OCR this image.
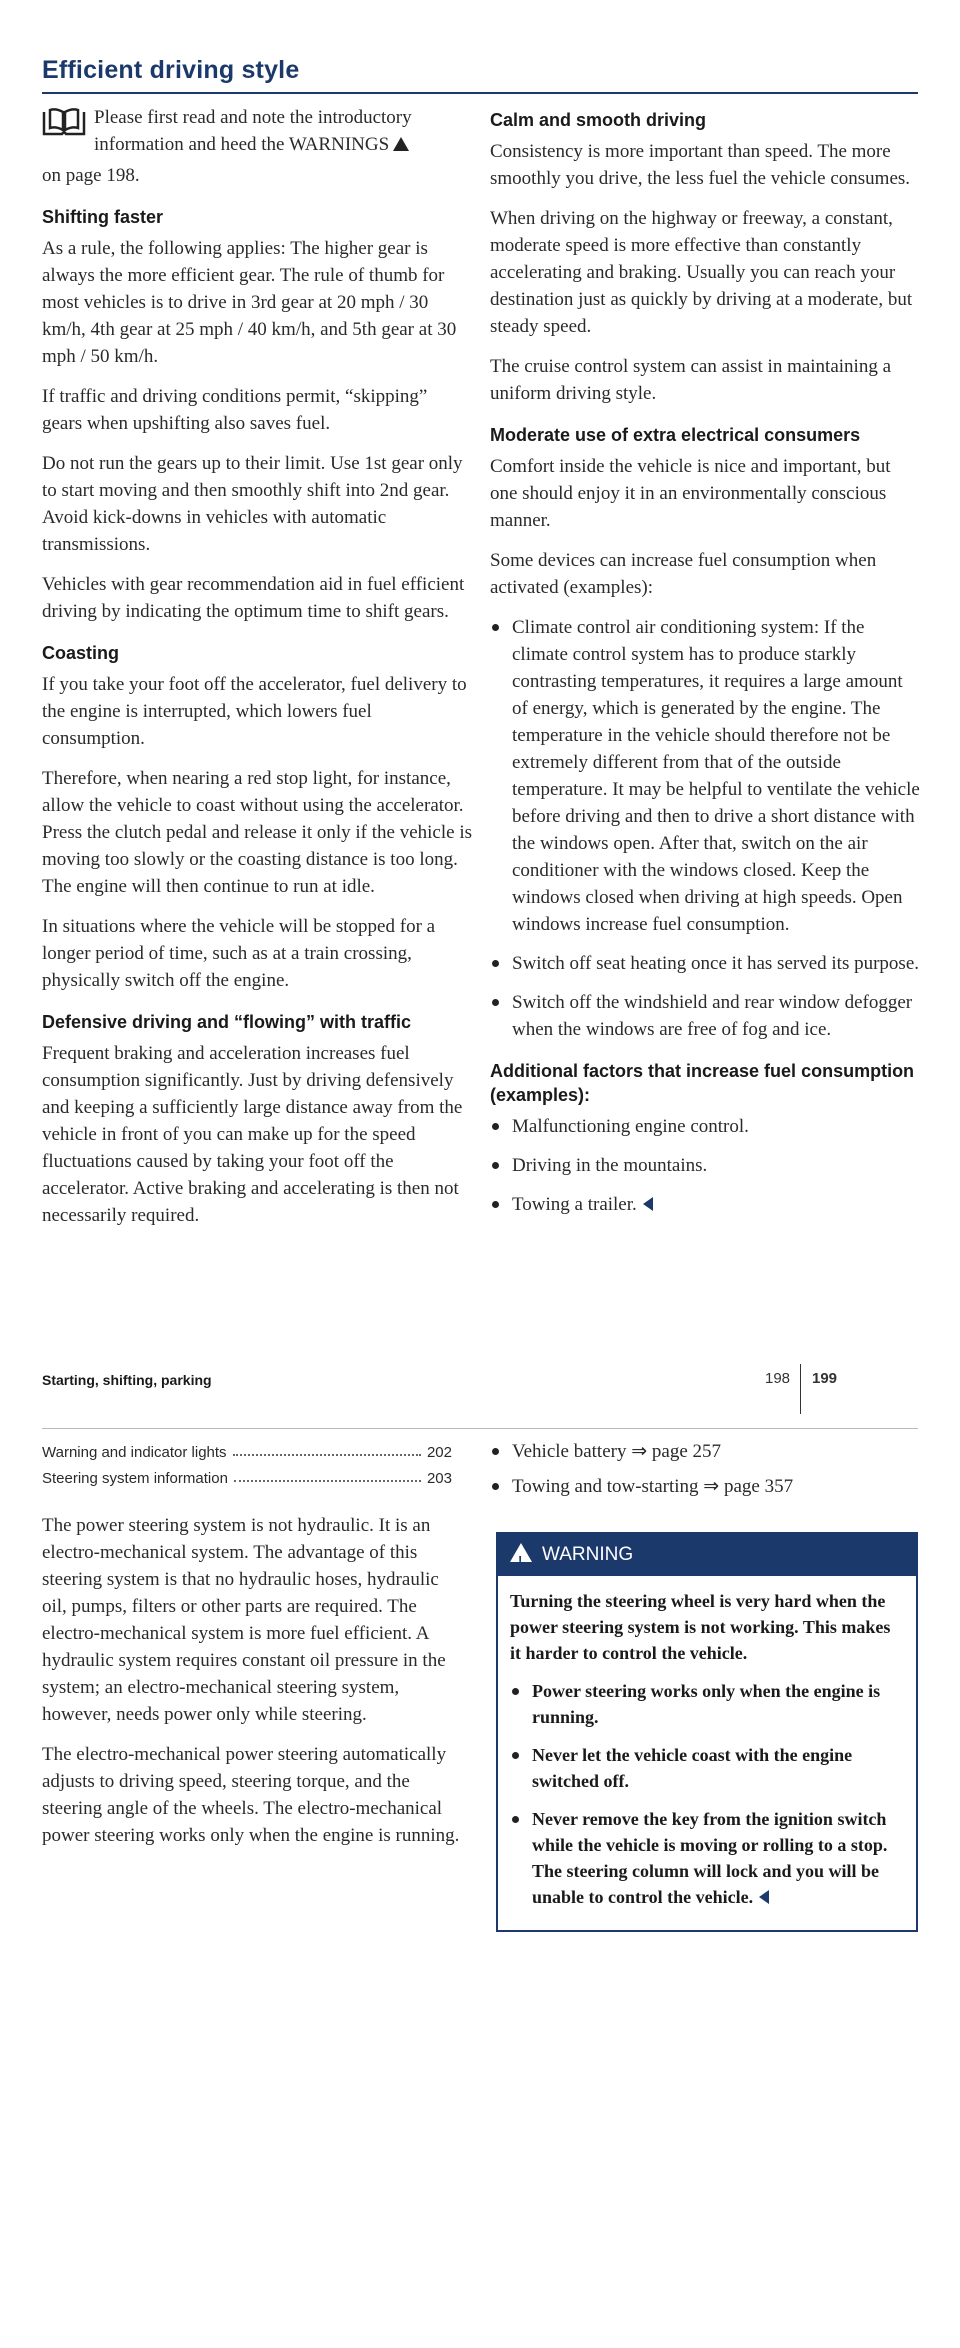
Efficient driving style

Please first read and note the introductory information and heed the WARNINGS

on page 198.

Shifting faster

As a rule, the following applies: The higher gear is always the more efficient gear. The rule of thumb for most vehicles is to drive in 3rd gear at 20 mph / 30 km/h, 4th gear at 25 mph / 40 km/h, and 5th gear at 30 mph / 50 km/h.

If traffic and driving conditions permit, “skipping” gears when upshifting also saves fuel.

Do not run the gears up to their limit. Use 1st gear only to start moving and then smoothly shift into 2nd gear. Avoid kick-downs in vehicles with automatic transmissions.

Vehicles with gear recommendation aid in fuel efficient driving by indicating the optimum time to shift gears.

Coasting

If you take your foot off the accelerator, fuel delivery to the engine is interrupted, which lowers fuel consumption.

Therefore, when nearing a red stop light, for instance, allow the vehicle to coast without using the accelerator. Press the clutch pedal and release it only if the vehicle is moving too slowly or the coasting distance is too long. The engine will then continue to run at idle.

In situations where the vehicle will be stopped for a longer period of time, such as at a train crossing, physically switch off the engine.

Defensive driving and “flowing” with traffic

Frequent braking and acceleration increases fuel consumption significantly. Just by driving defensively and keeping a sufficiently large distance away from the vehicle in front of you can make up for the speed fluctuations caused by taking your foot off the accelerator. Active braking and accelerating is then not necessarily required.

Calm and smooth driving

Consistency is more important than speed. The more smoothly you drive, the less fuel the vehicle consumes.

When driving on the highway or freeway, a constant, moderate speed is more effective than constantly accelerating and braking. Usually you can reach your destination just as quickly by driving at a moderate, but steady speed.

The cruise control system can assist in maintaining a uniform driving style.

Moderate use of extra electrical consumers

Comfort inside the vehicle is nice and important, but one should enjoy it in an environmentally conscious manner.

Some devices can increase fuel consumption when activated (examples):

Climate control air conditioning system: If the climate control system has to produce starkly contrasting temperatures, it requires a large amount of energy, which is generated by the engine. The temperature in the vehicle should therefore not be extremely different from that of the outside temperature. It may be helpful to ventilate the vehicle before driving and then to drive a short distance with the windows open. After that, switch on the air conditioner with the windows closed. Keep the windows closed when driving at high speeds. Open windows increase fuel consumption.
Switch off seat heating once it has served its purpose.
Switch off the windshield and rear window defogger when the windows are free of fog and ice.
Additional factors that increase fuel consumption (examples):
Malfunctioning engine control.
Driving in the mountains.
Towing a trailer.
Starting, shifting, parking	198 199
Warning and indicator lights	202
Steering system information	203

The power steering system is not hydraulic. It is an electro-mechanical system. The advantage of this steering system is that no hydraulic hoses, hydraulic oil, pumps, filters or other parts are required. The electro-mechanical system is more fuel efficient. A hydraulic system requires constant oil pressure in the system; an electro-mechanical steering system, however, needs power only while steering.

The electro-mechanical power steering automatically adjusts to driving speed, steering torque, and the steering angle of the wheels. The electro-mechanical power steering works only when the engine is running.

Vehicle battery ⇒ page 257
Towing and tow-starting ⇒ page 357
!WARNING

Turning the steering wheel is very hard when the power steering system is not working. This makes it harder to control the vehicle.

Power steering works only when the engine is running.
Never let the vehicle coast with the engine switched off.
Never remove the key from the ignition switch while the vehicle is moving or rolling to a stop. The steering column will lock and you will be unable to control the vehicle.
